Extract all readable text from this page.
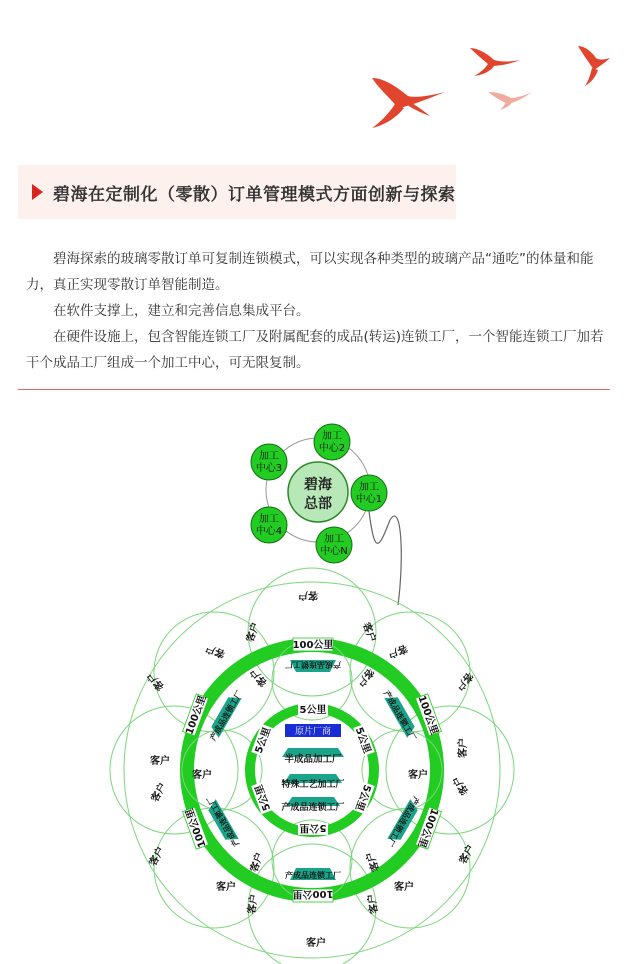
碧海在定制化（零散）订单管理模式方面创新与探索

碧海探索的玻璃零散订单可复制连锁模式，可以实现各种类型的玻璃产品“通吃”的体量和能力，真正实现零散订单智能制造。

在软件支撑上，建立和完善信息集成平台。

在硬件设施上，包含智能连锁工厂及附属配套的成品(转运)连锁工厂，一个智能连锁工厂加若干个成品工厂组成一个加工中心，可无限复制。

碧海
总部
加工
中心2
加工
中心1
加工
中心N
加工
中心4
加工
中心3
100公里
100公里
100公里	100公里
100公里	100公里
5公里
5公里
5公里	5公里
5公里	5公里
原片厂商
半成品加工厂
特殊工艺加工厂
产成品连锁工厂
产成品连锁工厂
产成品连锁工厂
产成品连锁工厂	产成品连锁工厂
产成品连锁工厂	产成品连锁工厂
客户
客户
客户
客户	客户
客户	客户
客户	客户
客户	客户
客户	客户
客户	客户
客户
客户
客户
客户	客户
客户	客户
客户	客户
